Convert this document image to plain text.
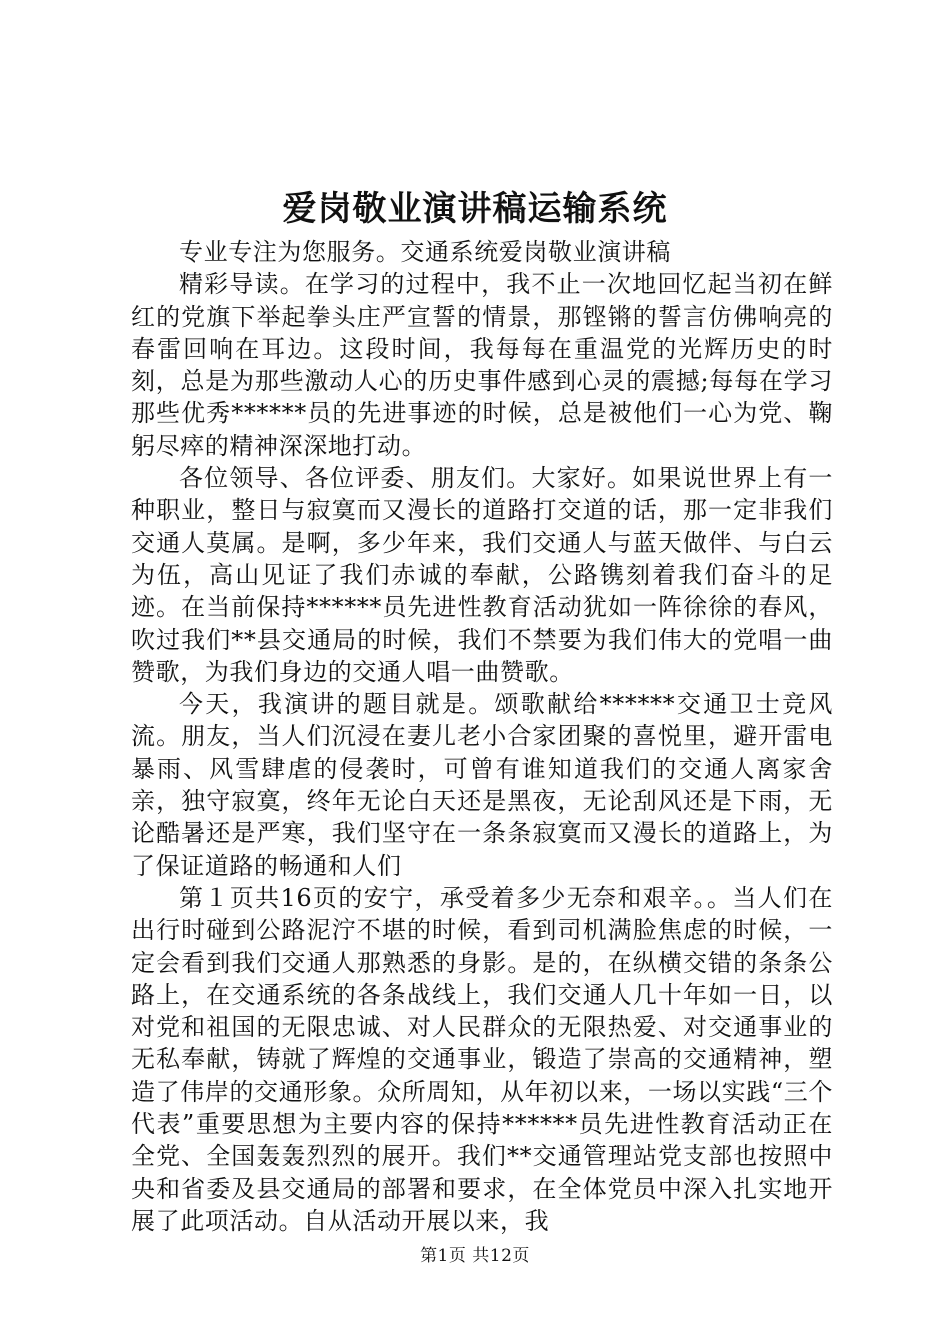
爱岗敬业演讲稿运输系统

专业专注为您服务。交通系统爱岗敬业演讲稿

精彩导读。在学习的过程中，我不止一次地回忆起当初在鲜红的党旗下举起拳头庄严宣誓的情景，那铿锵的誓言仿佛响亮的春雷回响在耳边。这段时间，我每每在重温党的光辉历史的时刻，总是为那些激动人心的历史事件感到心灵的震撼;每每在学习那些优秀******员的先进事迹的时候，总是被他们一心为党、鞠躬尽瘁的精神深深地打动。

各位领导、各位评委、朋友们。大家好。如果说世界上有一种职业，整日与寂寞而又漫长的道路打交道的话，那一定非我们交通人莫属。是啊，多少年来，我们交通人与蓝天做伴、与白云为伍，高山见证了我们赤诚的奉献，公路镌刻着我们奋斗的足迹。在当前保持******员先进性教育活动犹如一阵徐徐的春风，吹过我们**县交通局的时候，我们不禁要为我们伟大的党唱一曲赞歌，为我们身边的交通人唱一曲赞歌。

今天，我演讲的题目就是。颂歌献给******交通卫士竞风流。朋友，当人们沉浸在妻儿老小合家团聚的喜悦里，避开雷电暴雨、风雪肆虐的侵袭时，可曾有谁知道我们的交通人离家舍亲，独守寂寞，终年无论白天还是黑夜，无论刮风还是下雨，无论酷暑还是严寒，我们坚守在一条条寂寞而又漫长的道路上，为了保证道路的畅通和人们

第１页共16页的安宁，承受着多少无奈和艰辛。。当人们在出行时碰到公路泥泞不堪的时候，看到司机满脸焦虑的时候，一定会看到我们交通人那熟悉的身影。是的，在纵横交错的条条公路上，在交通系统的各条战线上，我们交通人几十年如一日，以对党和祖国的无限忠诚、对人民群众的无限热爱、对交通事业的无私奉献，铸就了辉煌的交通事业，锻造了崇高的交通精神，塑造了伟岸的交通形象。众所周知，从年初以来，一场以实践“三个代表”重要思想为主要内容的保持******员先进性教育活动正在全党、全国轰轰烈烈的展开。我们**交通管理站党支部也按照中央和省委及县交通局的部署和要求，在全体党员中深入扎实地开展了此项活动。自从活动开展以来，我

第1页 共12页
